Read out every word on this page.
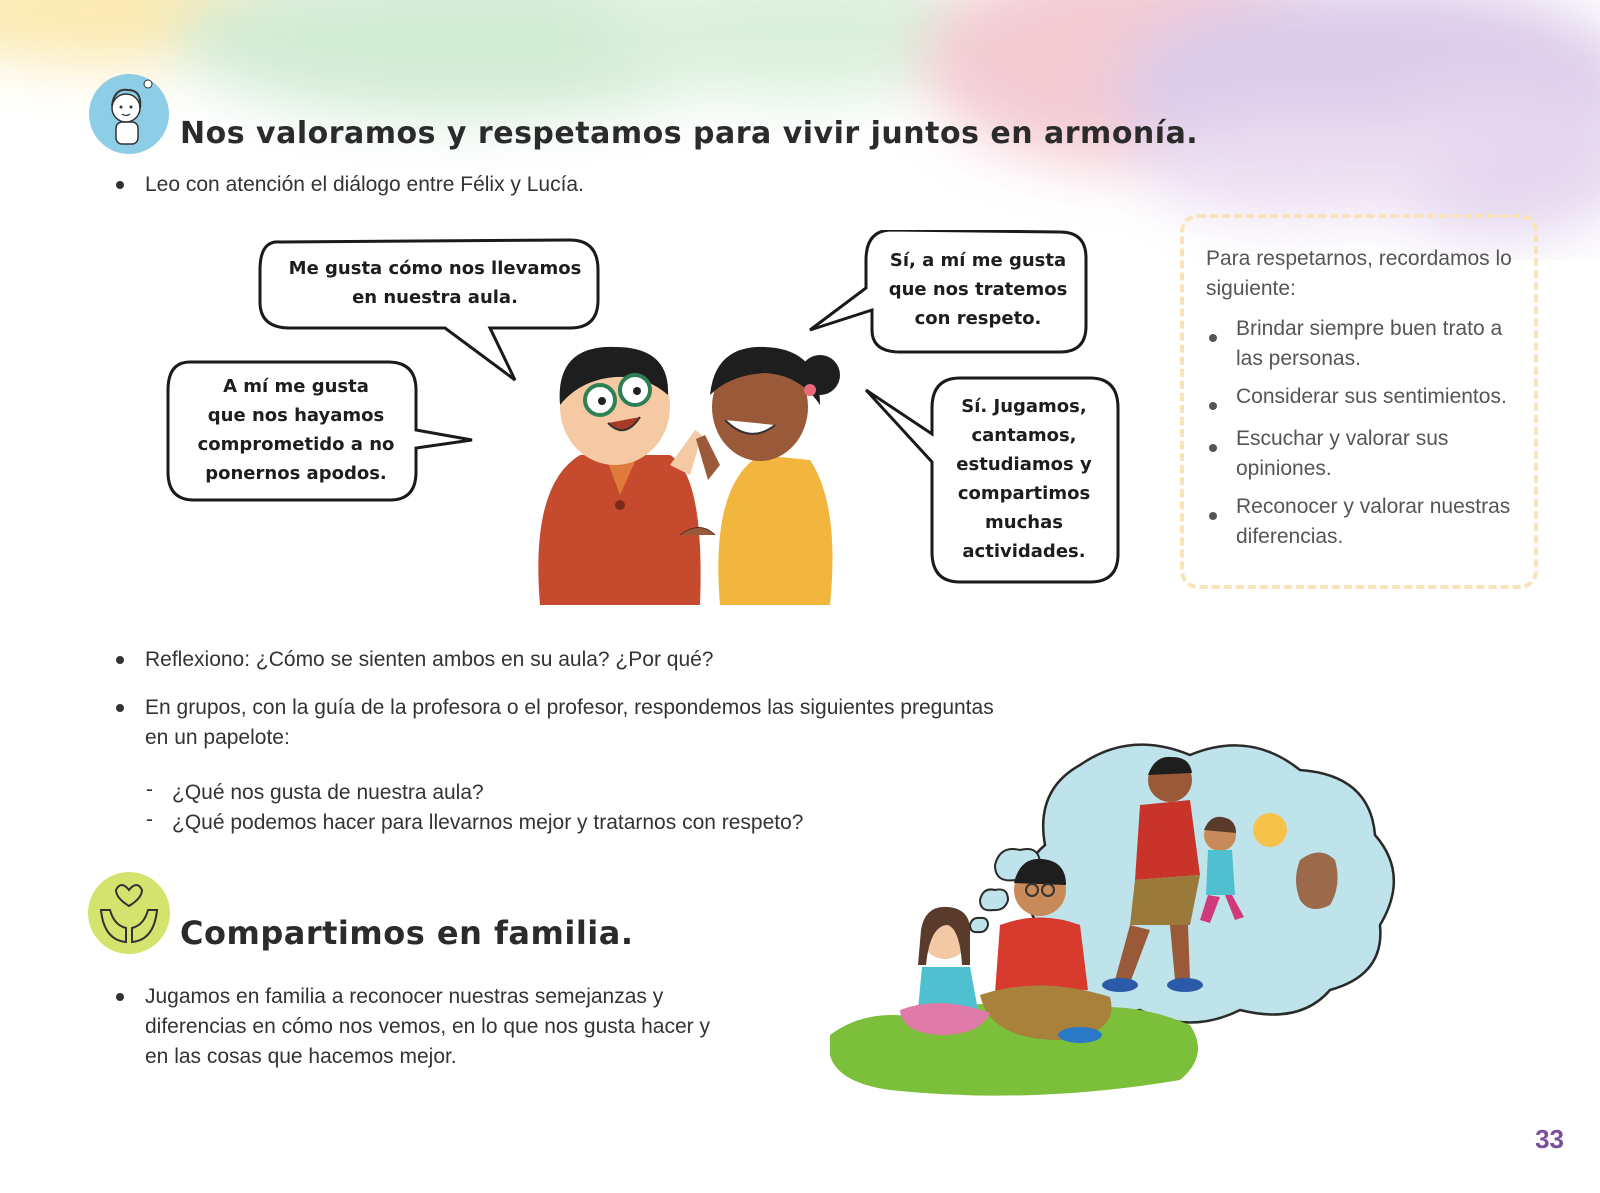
Nos valoramos y respetamos para vivir juntos en armonía.
Leo con atención el diálogo entre Félix y Lucía.
Me gusta cómo nos llevamos
en nuestra aula.
A mí me gusta
que nos hayamos
comprometido a no
ponernos apodos.
Sí, a mí me gusta
que nos tratemos
con respeto.
Sí. Jugamos,
cantamos,
estudiamos y
compartimos
muchas
actividades.
Para respetarnos, recordamos lo
siguiente:
Brindar siempre buen trato a
las personas.
Considerar sus sentimientos.
Escuchar y valorar sus
opiniones.
Reconocer y valorar nuestras
diferencias.
Reflexiono: ¿Cómo se sienten ambos en su aula? ¿Por qué?
En grupos, con la guía de la profesora o el profesor, respondemos las siguientes preguntas
en un papelote:
- ¿Qué nos gusta de nuestra aula?
- ¿Qué podemos hacer para llevarnos mejor y tratarnos con respeto?
Compartimos en familia.
Jugamos en familia a reconocer nuestras semejanzas y
diferencias en cómo nos vemos, en lo que nos gusta hacer y
en las cosas que hacemos mejor.
33
